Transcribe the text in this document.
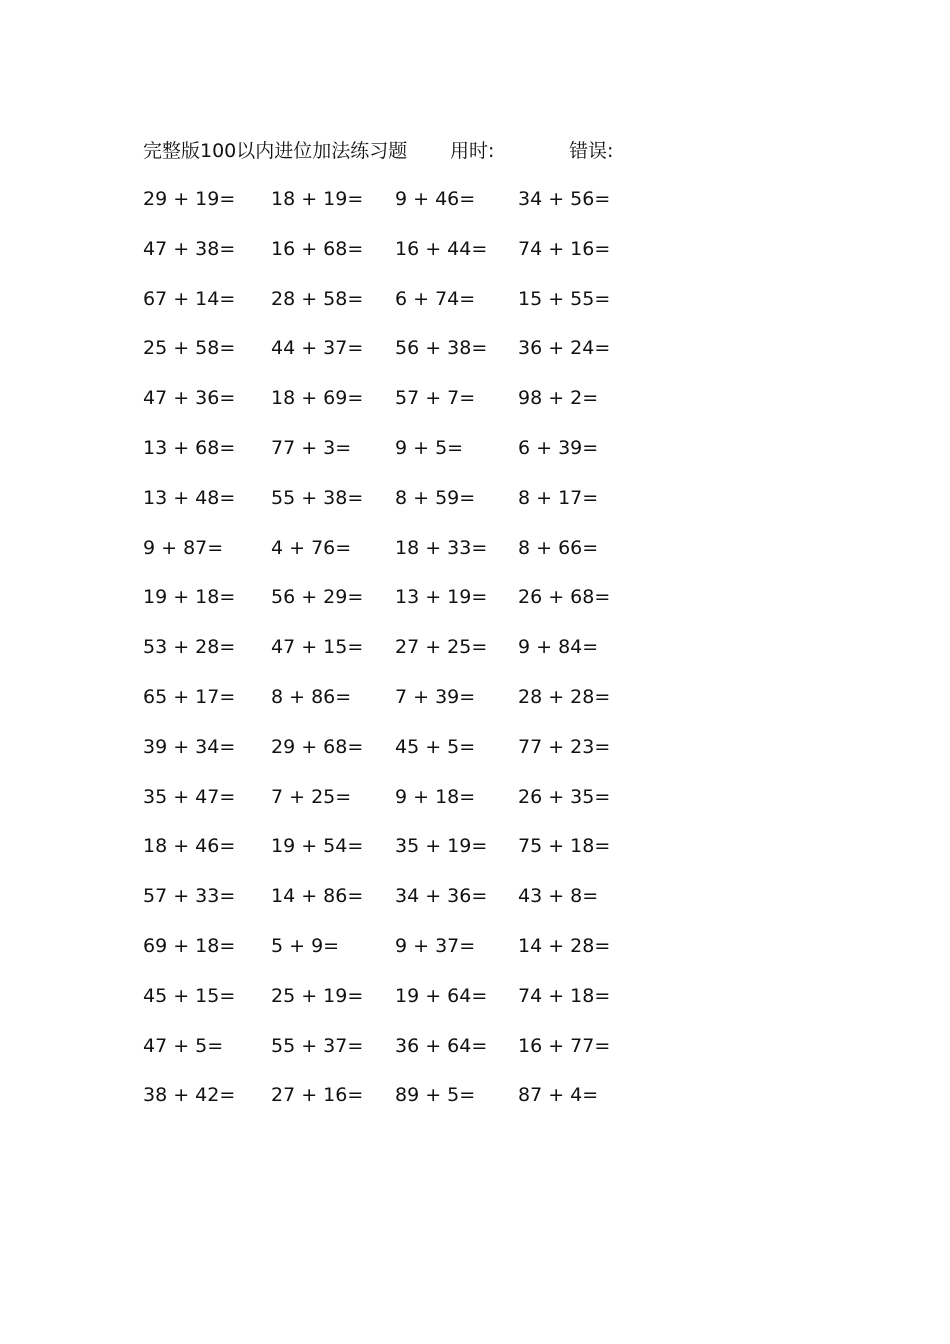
完整版100以内进位加法练习题 用时:	错误:
29 + 19= 18 + 19= 9 + 46= 34 + 56=
47 + 38= 16 + 68= 16 + 44= 74 + 16=
67 + 14= 28 + 58= 6 + 74= 15 + 55=
25 + 58= 44 + 37= 56 + 38= 36 + 24=
47 + 36= 18 + 69= 57 + 7= 98 + 2=
13 + 68= 77 + 3= 9 + 5=	6 + 39=
13 + 48= 55 + 38= 8 + 59= 8 + 17=
9 + 87=	4 + 76= 18 + 33= 8 + 66=
19 + 18= 56 + 29= 13 + 19= 26 + 68=
53 + 28= 47 + 15= 27 + 25= 9 + 84=
65 + 17= 8 + 86= 7 + 39= 28 + 28=
39 + 34= 29 + 68= 45 + 5= 77 + 23=
35 + 47= 7 + 25= 9 + 18= 26 + 35=
18 + 46= 19 + 54= 35 + 19= 75 + 18=
57 + 33= 14 + 86= 34 + 36= 43 + 8=
69 + 18= 5 + 9=	9 + 37= 14 + 28=
45 + 15= 25 + 19= 19 + 64= 74 + 18=
47 + 5=	55 + 37= 36 + 64= 16 + 77=
38 + 42= 27 + 16= 89 + 5= 87 + 4=
